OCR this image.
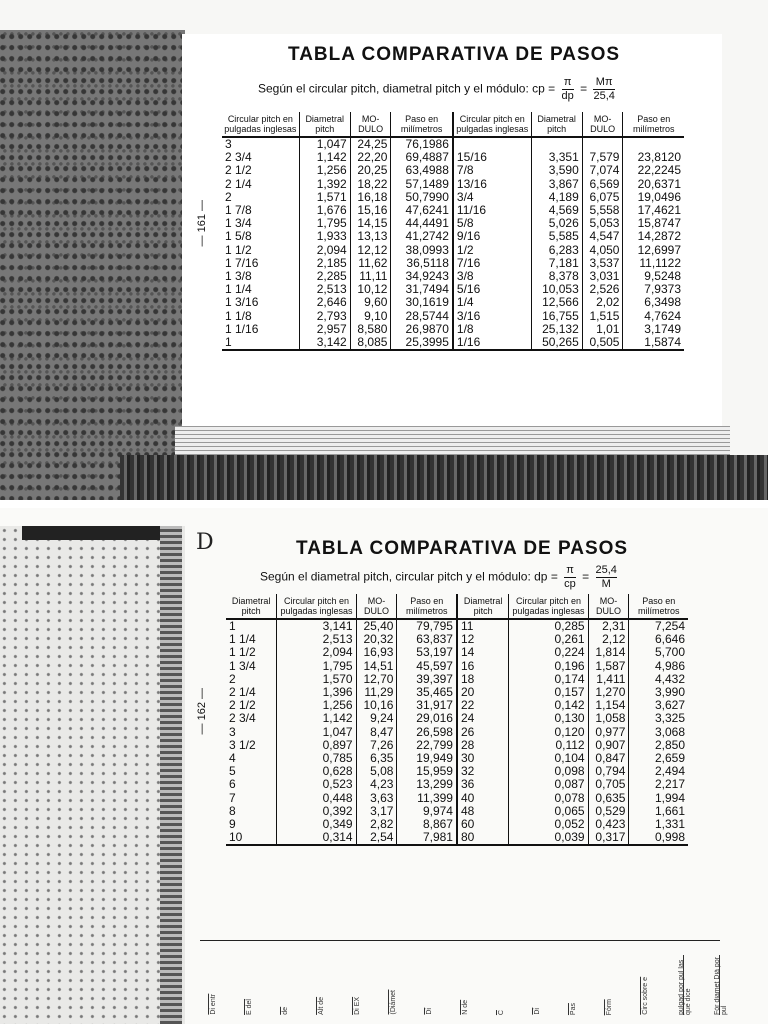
TABLA COMPARATIVA DE PASOS
Según el circular pitch, diametral pitch y el módulo: cp = $\frac{\pi}{dp} = \frac{M\pi}{25,4}$
— 161 —
Circular pitch en pulgadas inglesas	Diametral pitch	MO-DULO	Paso en milímetros	Circular pitch en pulgadas inglesas	Diametral pitch	MO-DULO	Paso en milímetros
3	1,047	24,25	76,1986				
2 3/4	1,142	22,20	69,4887	15/16	3,351	7,579	23,8120
2 1/2	1,256	20,25	63,4988	7/8	3,590	7,074	22,2245
2 1/4	1,392	18,22	57,1489	13/16	3,867	6,569	20,6371
2	1,571	16,18	50,7990	3/4	4,189	6,075	19,0496
1 7/8	1,676	15,16	47,6241	11/16	4,569	5,558	17,4621
1 3/4	1,795	14,15	44,4491	5/8	5,026	5,053	15,8747
1 5/8	1,933	13,13	41,2742	9/16	5,585	4,547	14,2872
1 1/2	2,094	12,12	38,0993	1/2	6,283	4,050	12,6997
1 7/16	2,185	11,62	36,5118	7/16	7,181	3,537	11,1122
1 3/8	2,285	11,11	34,9243	3/8	8,378	3,031	9,5248
1 1/4	2,513	10,12	31,7494	5/16	10,053	2,526	7,9373
1 3/16	2,646	9,60	30,1619	1/4	12,566	2,02	6,3498
1 1/8	2,793	9,10	28,5744	3/16	16,755	1,515	4,7624
1 1/16	2,957	8,580	26,9870	1/8	25,132	1,01	3,1749
1	3,142	8,085	25,3995	1/16	50,265	0,505	1,5874
D	TABLA COMPARATIVA DE PASOS
Según el diametral pitch, circular pitch y el módulo: dp = $\frac{\pi}{cp} = \frac{25,4}{M}$
— 162 —
Diametral pitch	Circular pitch en pulgadas inglesas	MO-DULO	Paso en milímetros	Diametral pitch	Circular pitch en pulgadas inglesas	MO-DULO	Paso en milímetros
1	3,141	25,40	79,795	11	0,285	2,31	7,254
1 1/4	2,513	20,32	63,837	12	0,261	2,12	6,646
1 1/2	2,094	16,93	53,197	14	0,224	1,814	5,700
1 3/4	1,795	14,51	45,597	16	0,196	1,587	4,986
2	1,570	12,70	39,397	18	0,174	1,411	4,432
2 1/4	1,396	11,29	35,465	20	0,157	1,270	3,990
2 1/2	1,256	10,16	31,917	22	0,142	1,154	3,627
2 3/4	1,142	9,24	29,016	24	0,130	1,058	3,325
3	1,047	8,47	26,598	26	0,120	0,977	3,068
3 1/2	0,897	7,26	22,799	28	0,112	0,907	2,850
4	0,785	6,35	19,949	30	0,104	0,847	2,659
5	0,628	5,08	15,959	32	0,098	0,794	2,494
6	0,523	4,23	13,299	36	0,087	0,705	2,217
7	0,448	3,63	11,399	40	0,078	0,635	1,994
8	0,392	3,17	9,974	48	0,065	0,529	1,661
9	0,349	2,82	8,867	60	0,052	0,423	1,331
10	0,314	2,54	7,981	80	0,039	0,317	0,998
Di entr	E del	de	Alt de	Di EX	(Diámet	Di	N de	C	Di	Pas	Fórm	Circ sobre e	pulgad por pul las que dice	Fór diamet Diá por pul
